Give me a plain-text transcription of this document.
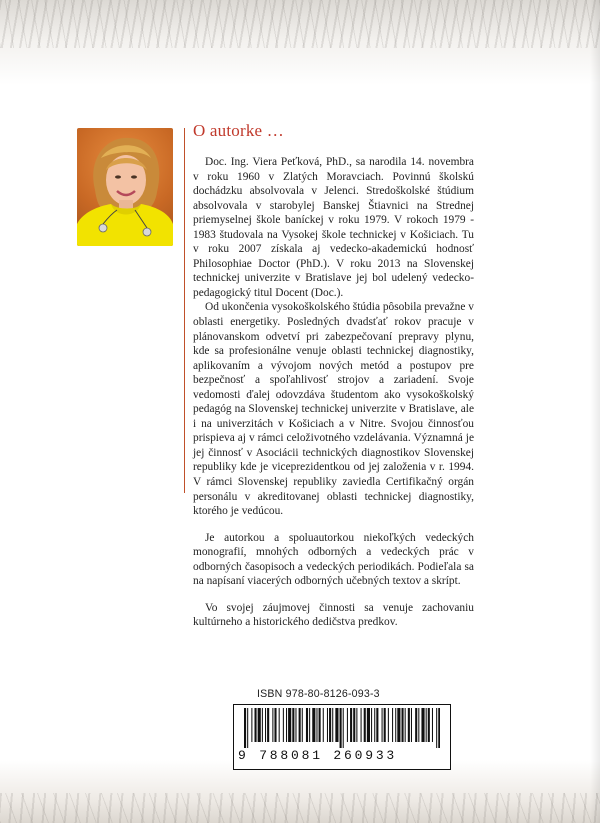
O autorke …

Doc. Ing. Viera Peťková, PhD., sa narodila 14. novembra v roku 1960 v Zlatých Moravciach. Povinnú školskú dochádzku absolvovala v Jelenci. Stredoškolské štúdium absolvovala v starobylej Banskej Štiavnici na Strednej priemyselnej škole baníckej v roku 1979. V rokoch 1979 - 1983 študovala na Vysokej škole technickej v Košiciach. Tu v roku 2007 získala aj vedecko-akademickú hodnosť Philosophiae Doctor (PhD.). V roku 2013 na Slovenskej technickej univerzite v Bratislave jej bol udelený vedecko-pedagogický titul Docent (Doc.).

Od ukončenia vysokoškolského štúdia pôsobila prevažne v oblasti energetiky. Posledných dvadsťať rokov pracuje v plánovanskom odvetví pri zabezpečovaní prepravy plynu, kde sa profesionálne venuje oblasti technickej diagnostiky, aplikovaním a vývojom nových metód a postupov pre bezpečnosť a spoľahlivosť strojov a zariadení. Svoje vedomosti ďalej odovzdáva študentom ako vysokoškolský pedagóg na Slovenskej technickej univerzite v Bratislave, ale i na univerzitách v Košiciach a v Nitre. Svojou činnosťou prispieva aj v rámci celoživotného vzdelávania. Významná je jej činnosť v Asociácii technických diagnostikov Slovenskej republiky kde je viceprezidentkou od jej založenia v r. 1994. V rámci Slovenskej republiky zaviedla Certifikačný orgán personálu v akreditovanej oblasti technickej diagnostiky, ktorého je vedúcou.

Je autorkou a spoluautorkou niekoľkých vedeckých monografií, mnohých odborných a vedeckých prác v odborných časopisoch a vedeckých periodikách. Podieľala sa na napísaní viacerých odborných učebných textov a skrípt.

Vo svojej záujmovej činnosti sa venuje zachovaniu kultúrneho a historického dedičstva predkov.

ISBN 978-80-8126-093-3
9 788081 260933
